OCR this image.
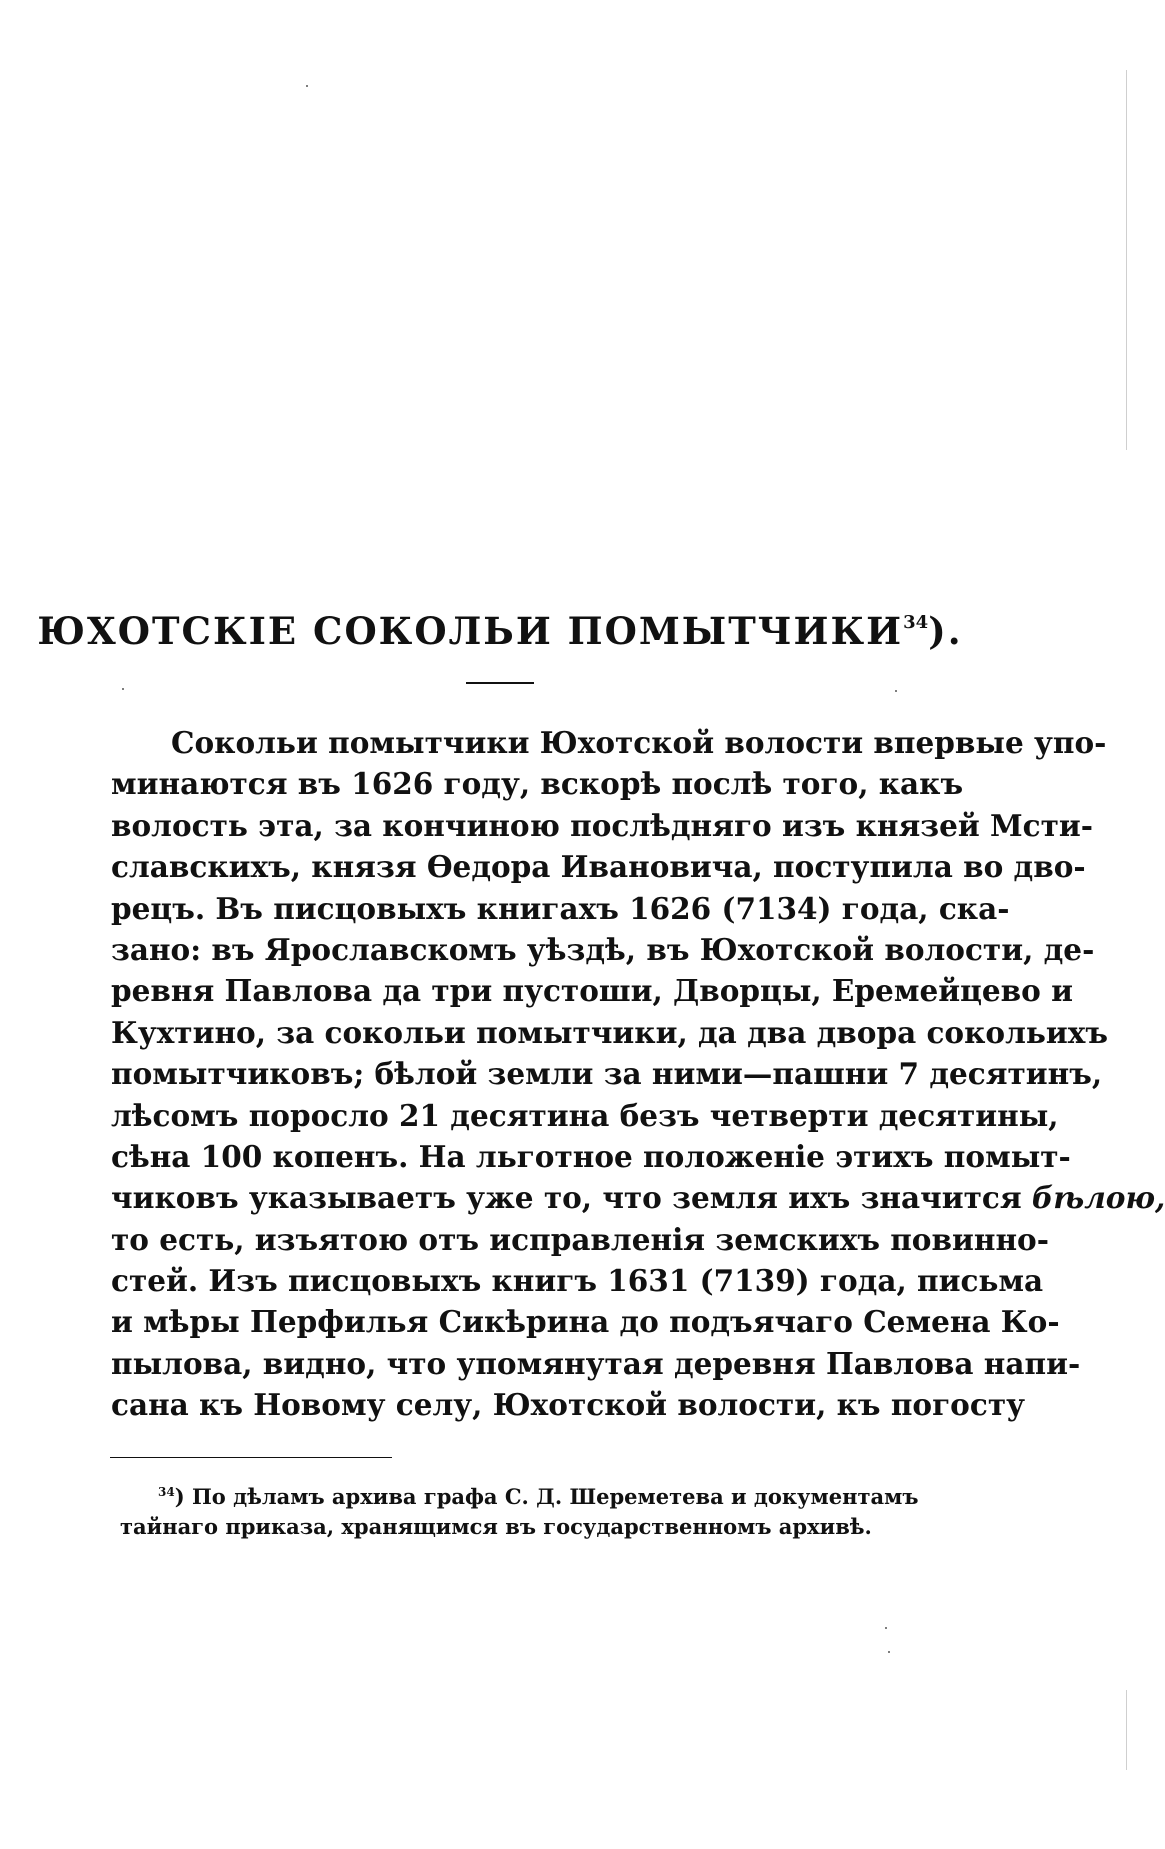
ЮХОТСКІЕ СОКОЛЬИ ПОМЫТЧИКИ$^{34}$).
Сокольи помытчики Юхотской волости впервые упо-
минаются въ 1626 году, вскорѣ послѣ того, какъ
волость эта, за кончиною послѣдняго изъ князей Мсти-
славскихъ, князя Ѳедора Ивановича, поступила во дво-
рецъ. Въ писцовыхъ книгахъ 1626 (7134) года, ска-
зано: въ Ярославскомъ уѣздѣ, въ Юхотской волости, де-
ревня Павлова да три пустоши, Дворцы, Еремейцево и
Кухтино, за сокольи помытчики, да два двора сокольихъ
помытчиковъ; бѣлой земли за ними—пашни 7 десятинъ,
лѣсомъ поросло 21 десятина безъ четверти десятины,
сѣна 100 копенъ. На льготное положеніе этихъ помыт-
чиковъ указываетъ уже то, что земля ихъ значится бѣлою,
то есть, изъятою отъ исправленія земскихъ повинно-
стей. Изъ писцовыхъ книгъ 1631 (7139) года, письма
и мѣры Перфилья Сикѣрина до подъячаго Семена Ко-
пылова, видно, что упомянутая деревня Павлова напи-
сана къ Новому селу, Юхотской волости, къ погосту
$^{34}$) По дѣламъ архива графа С. Д. Шереметева и документамъ
тайнаго приказа, хранящимся въ государственномъ архивѣ.
